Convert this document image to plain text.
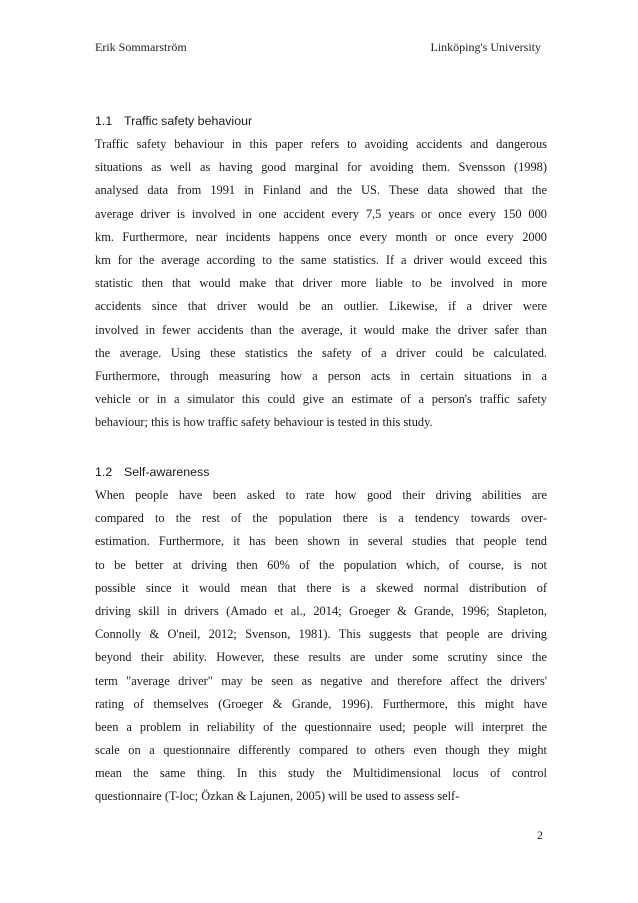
Erik Sommarström	Linköping's University
1.1 Traffic safety behaviour
Traffic safety behaviour in this paper refers to avoiding accidents and dangerous
situations as well as having good marginal for avoiding them. Svensson (1998)
analysed data from 1991 in Finland and the US. These data showed that the
average driver is involved in one accident every 7,5 years or once every 150 000
km. Furthermore, near incidents happens once every month or once every 2000
km for the average according to the same statistics. If a driver would exceed this
statistic then that would make that driver more liable to be involved in more
accidents since that driver would be an outlier. Likewise, if a driver were
involved in fewer accidents than the average, it would make the driver safer than
the average. Using these statistics the safety of a driver could be calculated.
Furthermore, through measuring how a person acts in certain situations in a
vehicle or in a simulator this could give an estimate of a person's traffic safety
behaviour; this is how traffic safety behaviour is tested in this study.
1.2 Self-awareness
When people have been asked to rate how good their driving abilities are
compared to the rest of the population there is a tendency towards over-
estimation. Furthermore, it has been shown in several studies that people tend
to be better at driving then 60% of the population which, of course, is not
possible since it would mean that there is a skewed normal distribution of
driving skill in drivers (Amado et al., 2014; Groeger & Grande, 1996; Stapleton,
Connolly & O'neil, 2012; Svenson, 1981). This suggests that people are driving
beyond their ability. However, these results are under some scrutiny since the
term "average driver" may be seen as negative and therefore affect the drivers'
rating of themselves (Groeger & Grande, 1996). Furthermore, this might have
been a problem in reliability of the questionnaire used; people will interpret the
scale on a questionnaire differently compared to others even though they might
mean the same thing. In this study the Multidimensional locus of control
questionnaire (T-loc; Özkan & Lajunen, 2005) will be used to assess self-
2
